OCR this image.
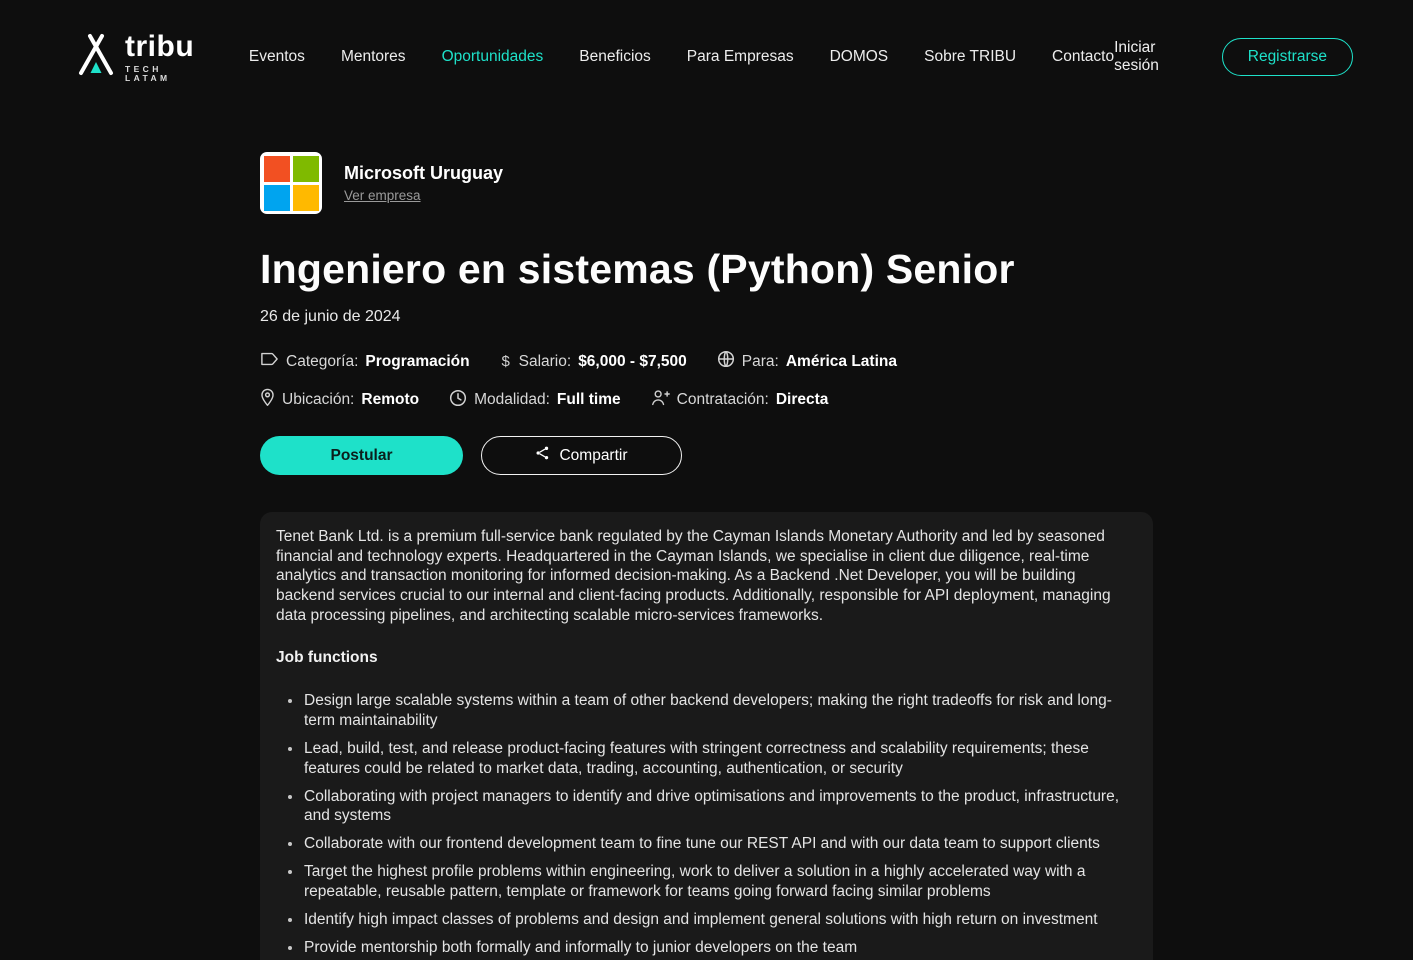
tribu
TECH LATAM
Eventos Mentores Oportunidades Beneficios Para Empresas DOMOS Sobre TRIBU Contacto
Iniciar sesión
Registrarse
Microsoft Uruguay
Ver empresa
Ingeniero en sistemas (Python) Senior
26 de junio de 2024
Categoría: Programación $ Salario: $6,000 - $7,500	Para: América Latina
Ubicación: Remoto	Modalidad: Full time	Contratación: Directa
Postular	Compartir

Tenet Bank Ltd. is a premium full-service bank regulated by the Cayman Islands Monetary Authority and led by seasoned financial and technology experts. Headquartered in the Cayman Islands, we specialise in client due diligence, real-time analytics and transaction monitoring for informed decision-making. As a Backend .Net Developer, you will be building backend services crucial to our internal and client-facing products. Additionally, responsible for API deployment, managing data processing pipelines, and architecting scalable micro-services frameworks.

Job functions
Design large scalable systems within a team of other backend developers; making the right tradeoffs for risk and long-term maintainability
Lead, build, test, and release product-facing features with stringent correctness and scalability requirements; these features could be related to market data, trading, accounting, authentication, or security
Collaborating with project managers to identify and drive optimisations and improvements to the product, infrastructure, and systems
Collaborate with our frontend development team to fine tune our REST API and with our data team to support clients
Target the highest profile problems within engineering, work to deliver a solution in a highly accelerated way with a repeatable, reusable pattern, template or framework for teams going forward facing similar problems
Identify high impact classes of problems and design and implement general solutions with high return on investment
Provide mentorship both formally and informally to junior developers on the team
